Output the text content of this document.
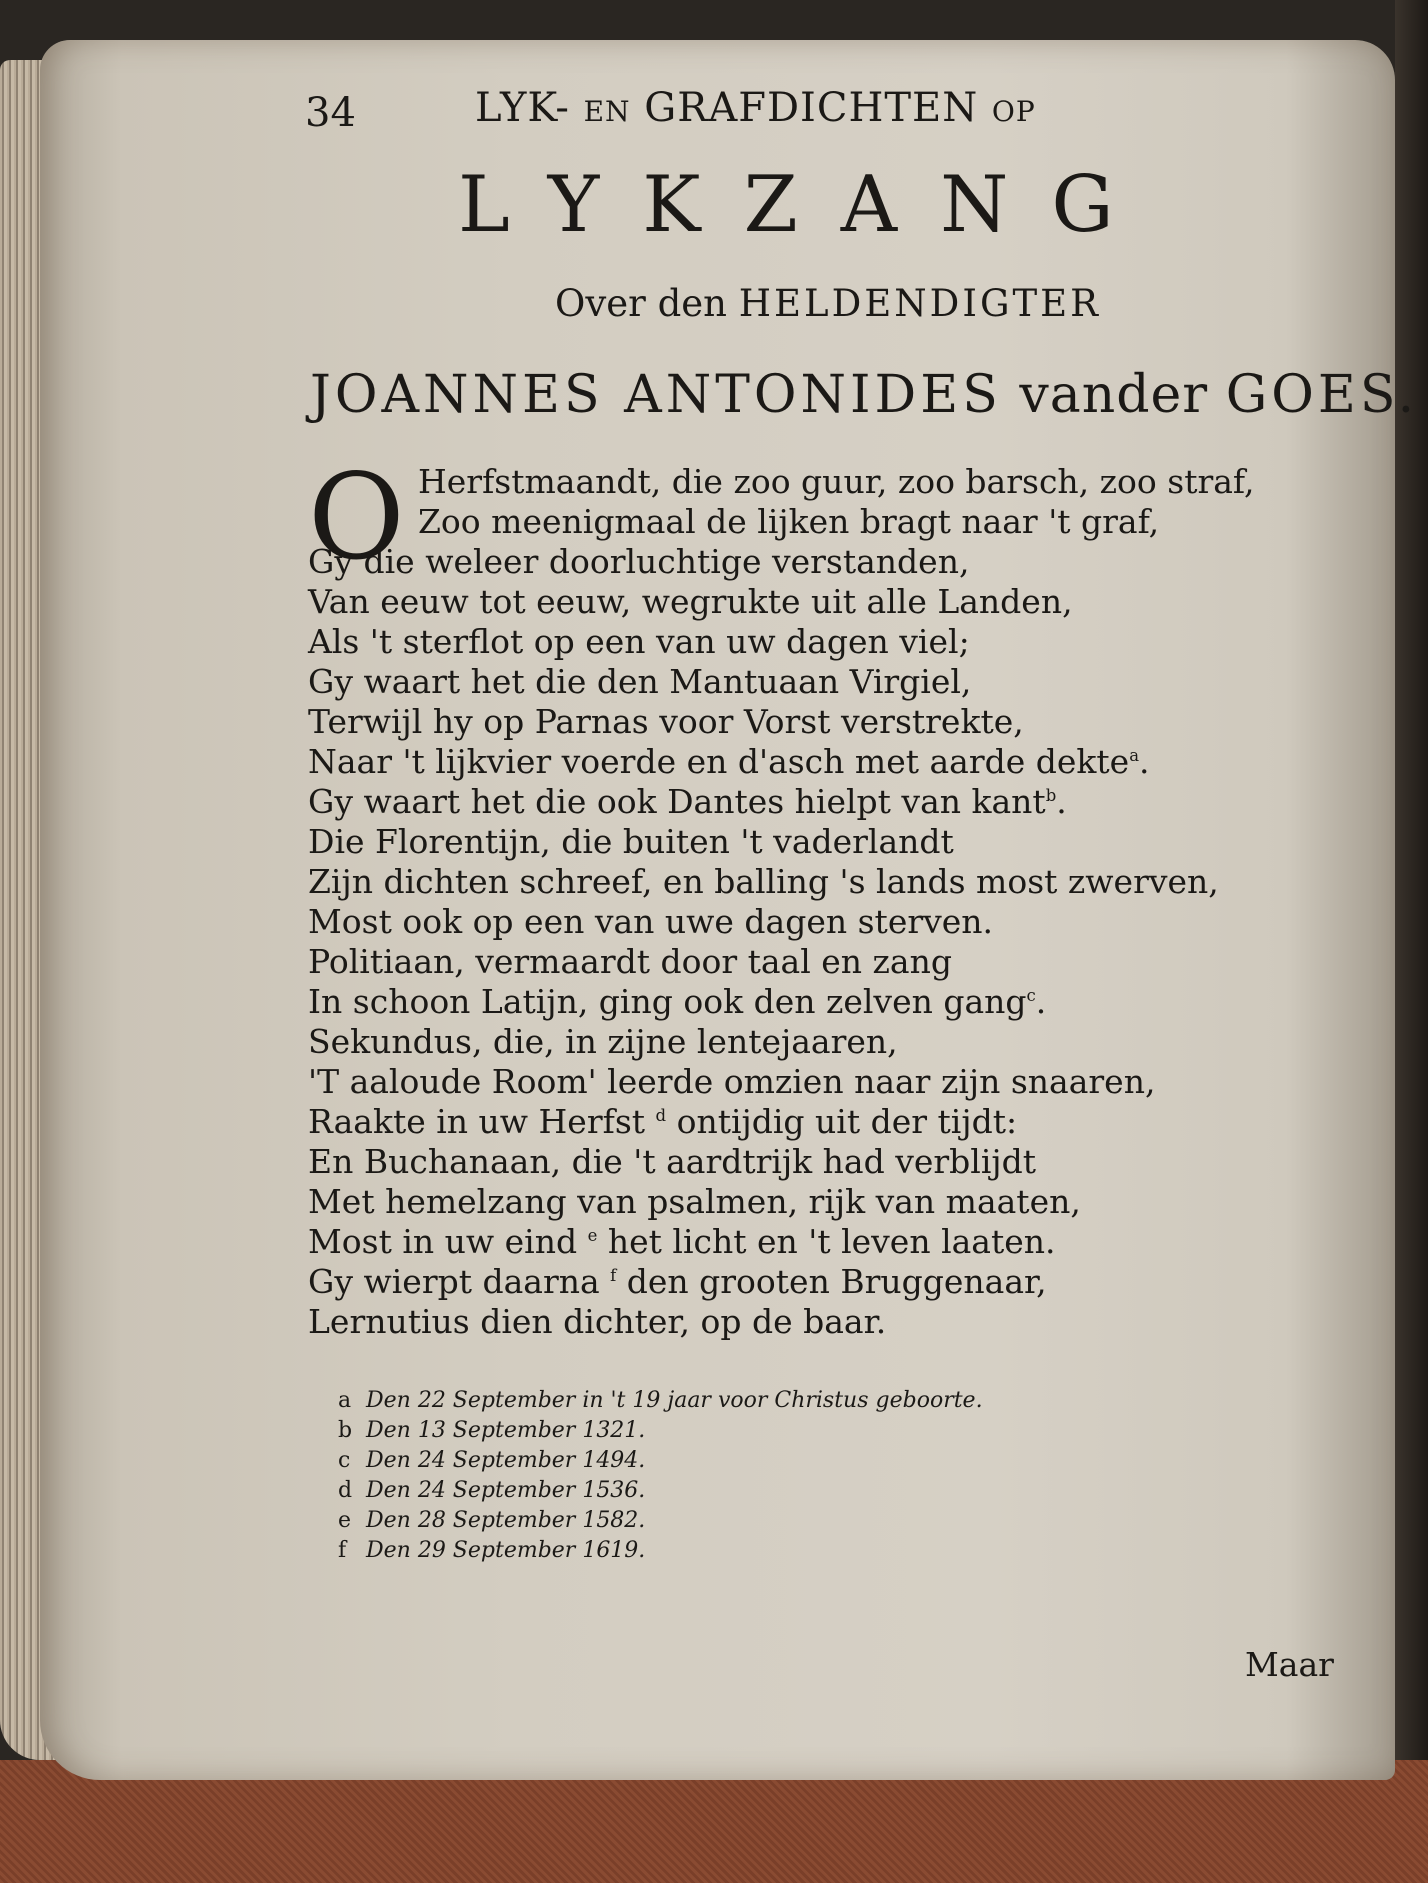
34	LYK- en GRAFDICHTEN op
LYKZANG
Over den HELDENDIGTER
JOANNES ANTONIDES vander GOES.
O Herfstmaandt, die zoo guur, zoo barsch, zoo straf,
Zoo meenigmaal de lijken bragt naar 't graf,
Gy die weleer doorluchtige verstanden,
Van eeuw tot eeuw, wegrukte uit alle Landen,
Als 't sterflot op een van uw dagen viel;
Gy waart het die den Mantuaan Virgiel,
Terwijl hy op Parnas voor Vorst verstrekte,
Naar 't lijkvier voerde en d'asch met aarde dekte$^a$.
Gy waart het die ook Dantes hielpt van kant$^b$.
Die Florentijn, die buiten 't vaderlandt
Zijn dichten schreef, en balling 's lands most zwerven,
Most ook op een van uwe dagen sterven.
Politiaan, vermaardt door taal en zang
In schoon Latijn, ging ook den zelven gang$^c$.
Sekundus, die, in zijne lentejaaren,
'T aaloude Room' leerde omzien naar zijn snaaren,
Raakte in uw Herfst $^d$ ontijdig uit der tijdt:
En Buchanaan, die 't aardtrijk had verblijdt
Met hemelzang van psalmen, rijk van maaten,
Most in uw eind $^e$ het licht en 't leven laaten.
Gy wierpt daarna $^f$ den grooten Bruggenaar,
Lernutius dien dichter, op de baar.
a Den 22 September in 't 19 jaar voor Christus geboorte.
b Den 13 September 1321.
c Den 24 September 1494.
d Den 24 September 1536.
e Den 28 September 1582.
f Den 29 September 1619.
Maar
